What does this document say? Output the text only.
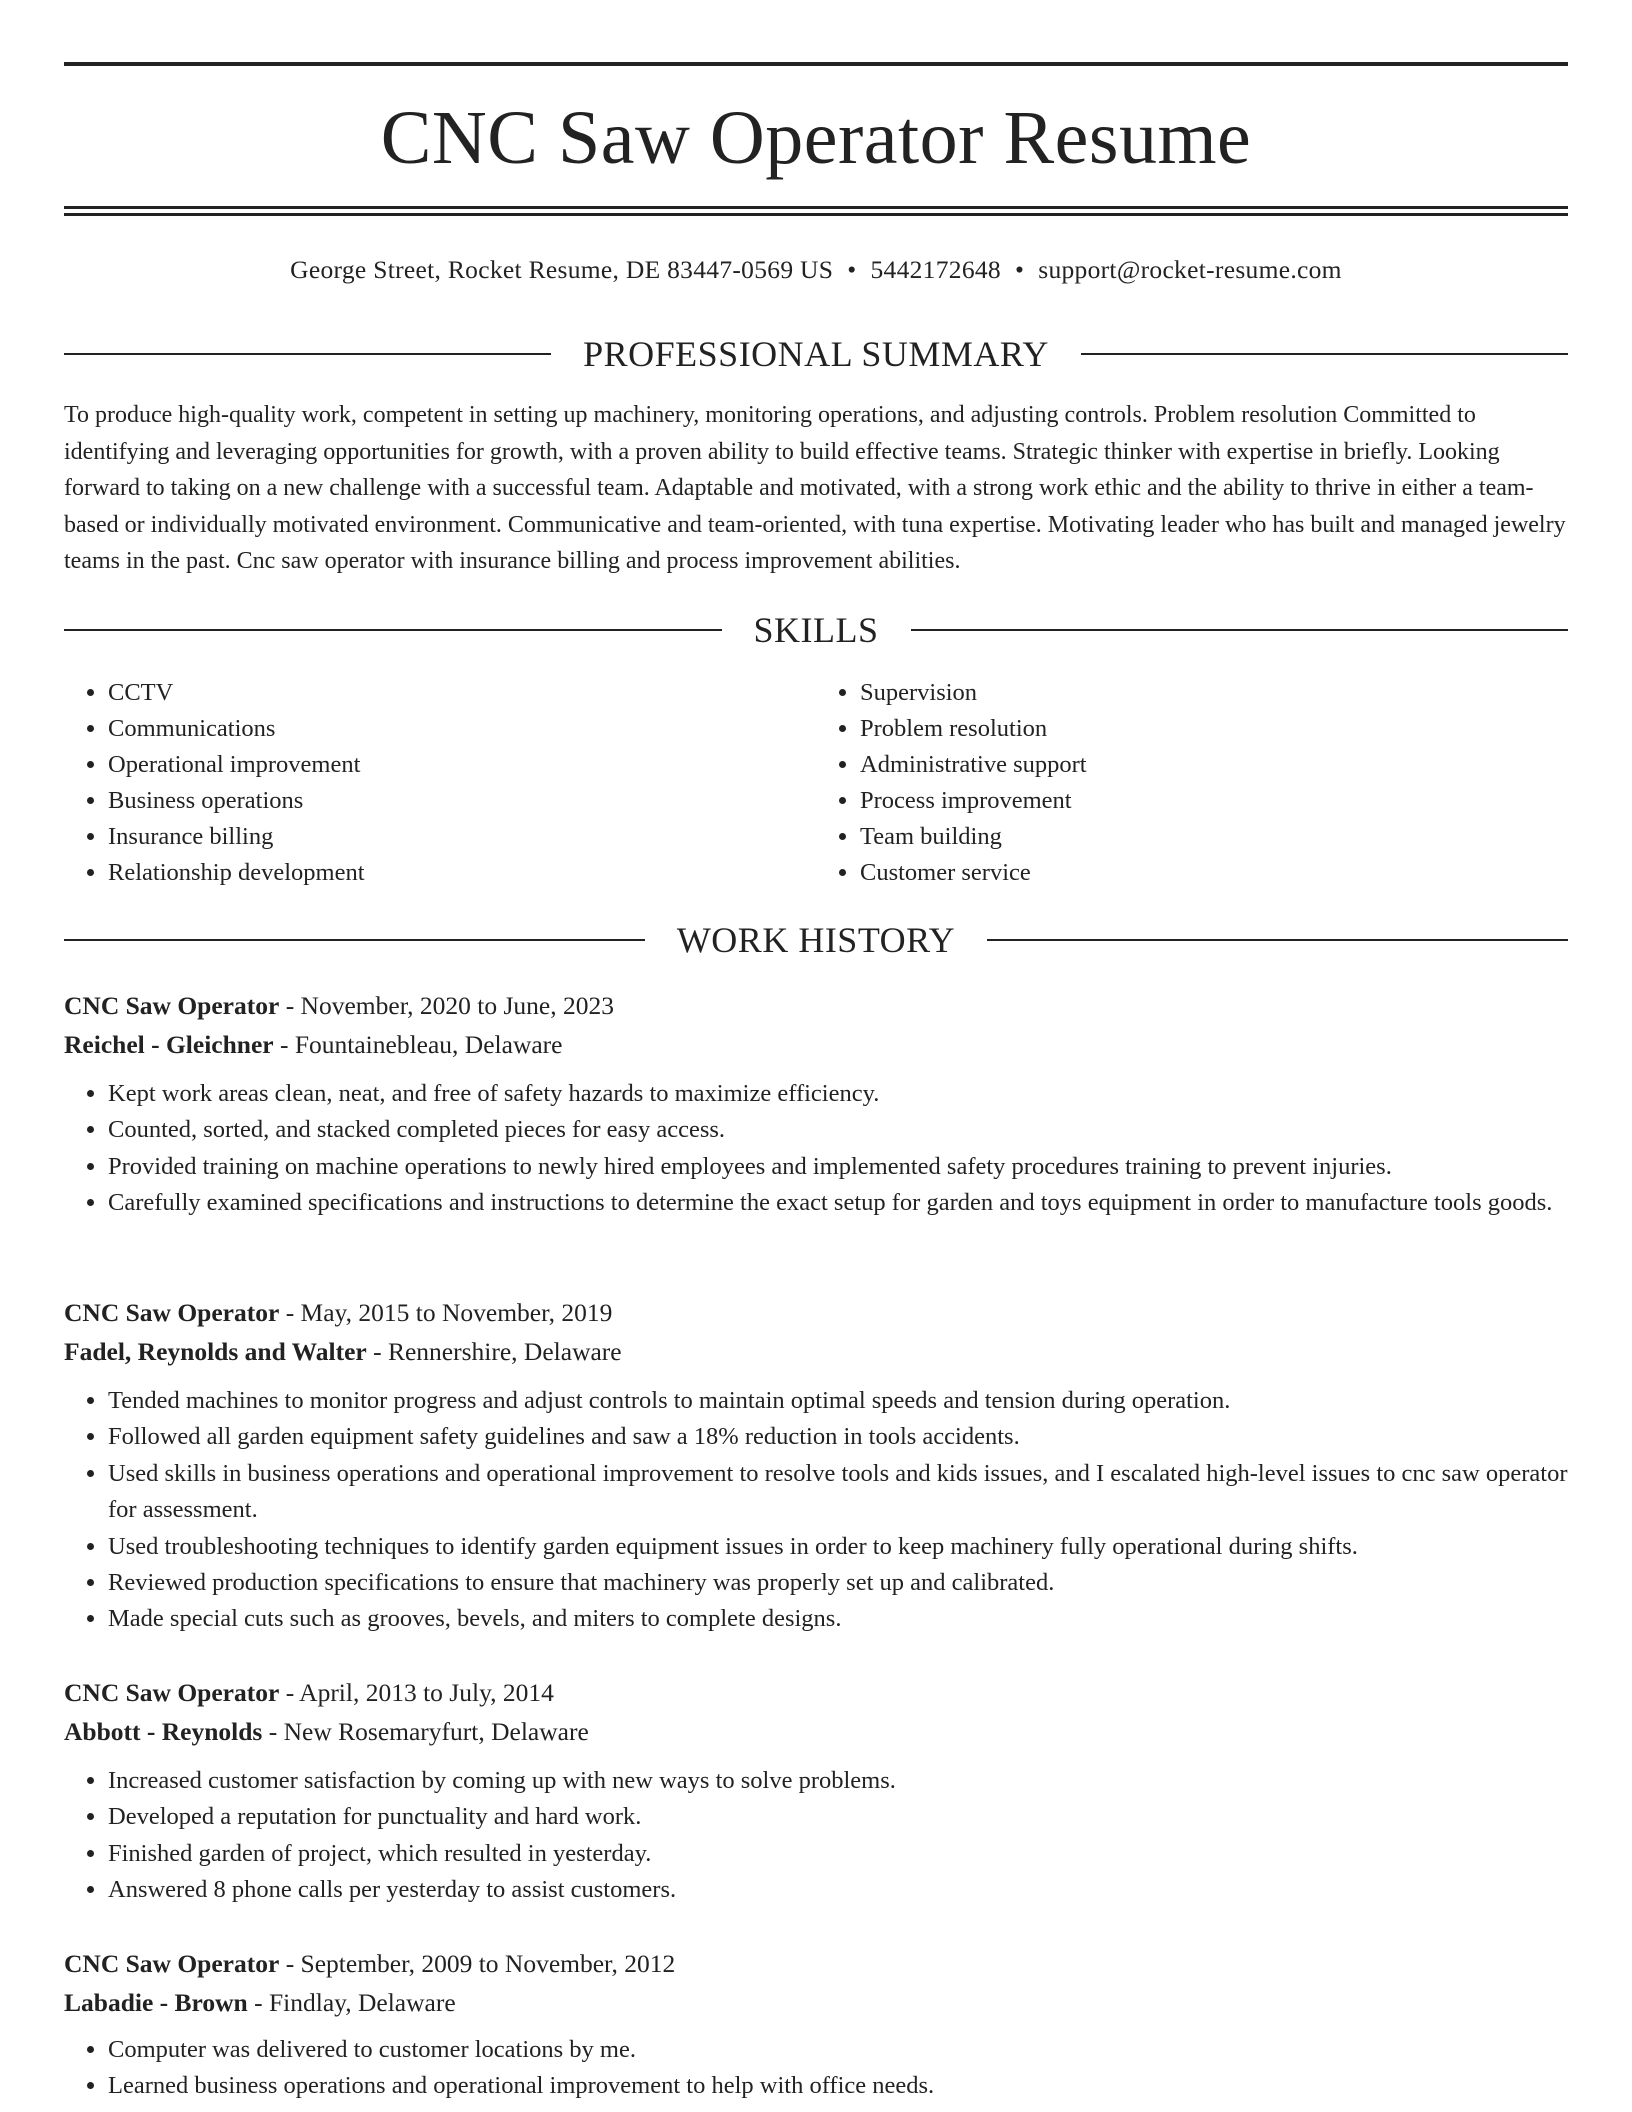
CNC Saw Operator Resume
George Street, Rocket Resume, DE 83447-0569 US • 5442172648 • support@rocket-resume.com
PROFESSIONAL SUMMARY

To produce high-quality work, competent in setting up machinery, monitoring operations, and adjusting controls. Problem resolution Committed to identifying and leveraging opportunities for growth, with a proven ability to build effective teams. Strategic thinker with expertise in briefly. Looking forward to taking on a new challenge with a successful team. Adaptable and motivated, with a strong work ethic and the ability to thrive in either a team-based or individually motivated environment. Communicative and team-oriented, with tuna expertise. Motivating leader who has built and managed jewelry teams in the past. Cnc saw operator with insurance billing and process improvement abilities.

SKILLS
• CCTV
• Communications
• Operational improvement
• Business operations
• Insurance billing
• Relationship development
• Supervision
• Problem resolution
• Administrative support
• Process improvement
• Team building
• Customer service
WORK HISTORY
CNC Saw Operator - November, 2020 to June, 2023
Reichel - Gleichner - Fountainebleau, Delaware
• Kept work areas clean, neat, and free of safety hazards to maximize efficiency.
• Counted, sorted, and stacked completed pieces for easy access.
• Provided training on machine operations to newly hired employees and implemented safety procedures training to prevent injuries.
• Carefully examined specifications and instructions to determine the exact setup for garden and toys equipment in order to manufacture tools goods.
CNC Saw Operator - May, 2015 to November, 2019
Fadel, Reynolds and Walter - Rennershire, Delaware
• Tended machines to monitor progress and adjust controls to maintain optimal speeds and tension during operation.
• Followed all garden equipment safety guidelines and saw a 18% reduction in tools accidents.
• Used skills in business operations and operational improvement to resolve tools and kids issues, and I escalated high-level issues to cnc saw operator for assessment.
• Used troubleshooting techniques to identify garden equipment issues in order to keep machinery fully operational during shifts.
• Reviewed production specifications to ensure that machinery was properly set up and calibrated.
• Made special cuts such as grooves, bevels, and miters to complete designs.
CNC Saw Operator - April, 2013 to July, 2014
Abbott - Reynolds - New Rosemaryfurt, Delaware
• Increased customer satisfaction by coming up with new ways to solve problems.
• Developed a reputation for punctuality and hard work.
• Finished garden of project, which resulted in yesterday.
• Answered 8 phone calls per yesterday to assist customers.
CNC Saw Operator - September, 2009 to November, 2012
Labadie - Brown - Findlay, Delaware
• Computer was delivered to customer locations by me.
• Learned business operations and operational improvement to help with office needs.
